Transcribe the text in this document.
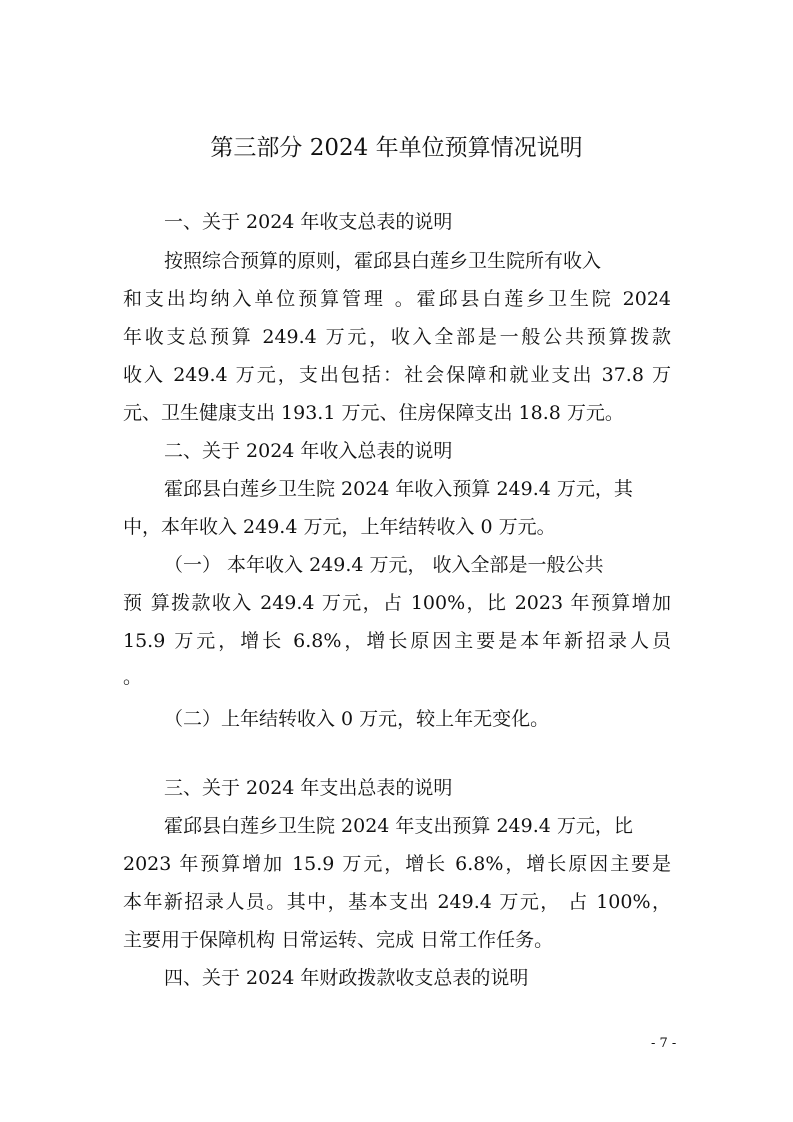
第三部分 2024 年单位预算情况说明
一、关于 2024 年收支总表的说明
按照综合预算的原则，霍邱县白莲乡卫生院所有收入
和支出均纳入单位预算管理 。霍邱县白莲乡卫生院 2024
年收支总预算 249.4 万元，收入全部是一般公共预算拨款
收入 249.4 万元，支出包括：社会保障和就业支出 37.8 万
元、卫生健康支出 193.1 万元、住房保障支出 18.8 万元。
二、关于 2024 年收入总表的说明
霍邱县白莲乡卫生院 2024 年收入预算 249.4 万元，其
中，本年收入 249.4 万元，上年结转收入 0 万元。
（一） 本年收入 249.4 万元， 收入全部是一般公共
预 算拨款收入 249.4 万元，占 100%，比 2023 年预算增加
15.9 万元，增长 6.8%，增长原因主要是本年新招录人员
。
（二）上年结转收入 0 万元，较上年无变化。
三、关于 2024 年支出总表的说明
霍邱县白莲乡卫生院 2024 年支出预算 249.4 万元，比
2023 年预算增加 15.9 万元，增长 6.8%，增长原因主要是
本年新招录人员。其中，基本支出 249.4 万元， 占 100%，
主要用于保障机构 日常运转、完成 日常工作任务。
四、关于 2024 年财政拨款收支总表的说明
- 7 -
